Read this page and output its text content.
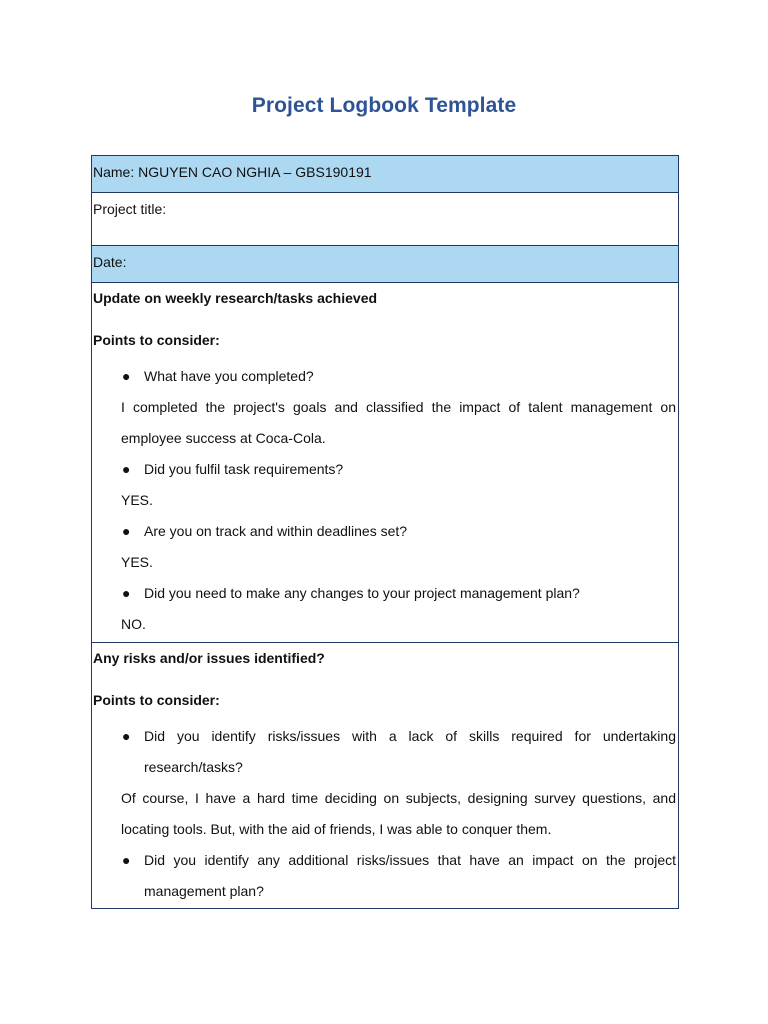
Project Logbook Template
Name: NGUYEN CAO NGHIA – GBS190191

Project title:

Date:

Update on weekly research/tasks achieved
Points to consider:
● What have you completed?
I completed the project's goals and classified the impact of talent management on employee success at Coca-Cola.
● Did you fulfil task requirements?
YES.
● Are you on track and within deadlines set?
YES.
● Did you need to make any changes to your project management plan?
NO.

Any risks and/or issues identified?
Points to consider:
● Did you identify risks/issues with a lack of skills required for undertaking research/tasks?
Of course, I have a hard time deciding on subjects, designing survey questions, and locating tools. But, with the aid of friends, I was able to conquer them.
● Did you identify any additional risks/issues that have an impact on the project management plan?
